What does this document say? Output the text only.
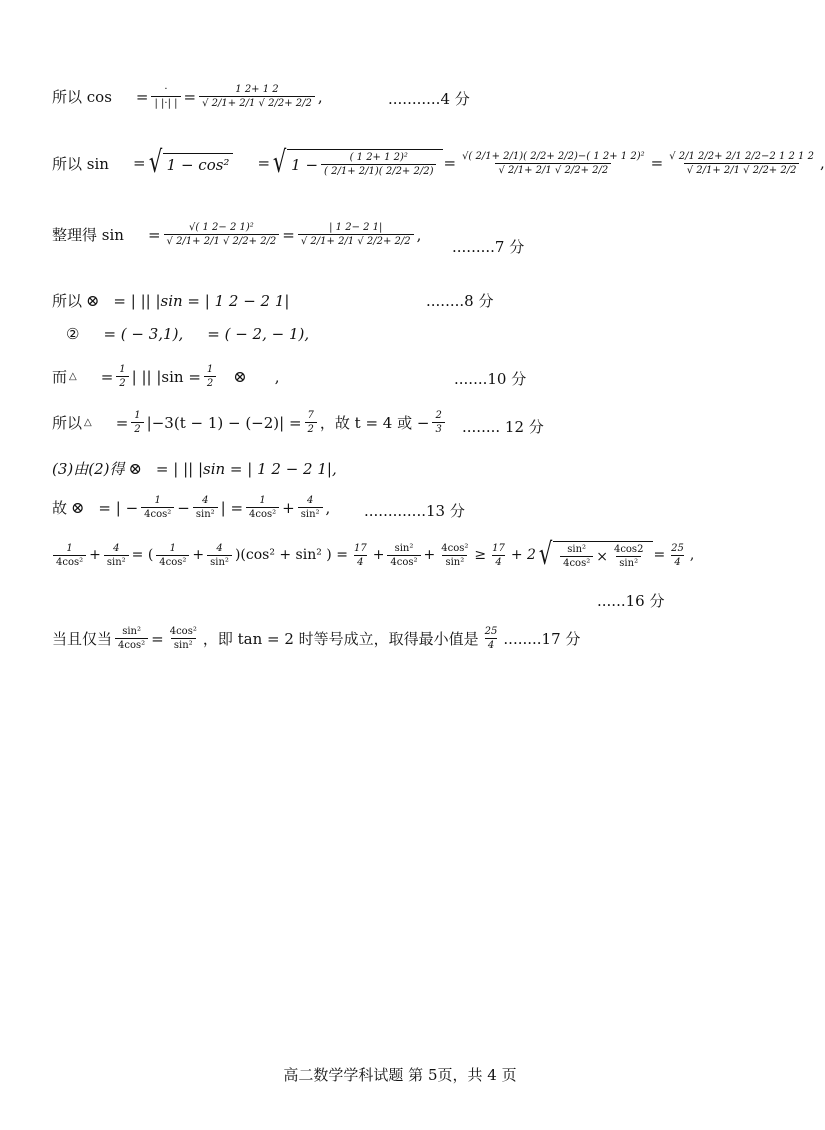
所以 $\cos = \frac{\cdot}{| |\cdot| |} = \frac{1 2+ 1 2}{√ 2/1+ 2/1 √ 2/2+ 2/2}$ ,	...........4 分
所以 sin = √ 1 − cos² = √ $1 - \frac{\text{( 1 2+ 1 2)²}}{( 2/1+ 2/1)( 2/2+ 2/2)} = \frac{\text{√( 2/1+ 2/1)( 2/2+ 2/2)−( 1 2+ 1 2)²}}{√ 2/1+ 2/1 √ 2/2+ 2/2} = \frac{√ 2/1 2/2+ 2/1 2/2-2 1 2 1 2}{√ 2/1+ 2/1 √ 2/2+ 2/2}$ ,
整理得 $\sin = \frac{\text{√( 1 2− 2 1)²}}{√ 2/1+ 2/1 √ 2/2+ 2/2} = \frac{| 1 2- 2 1|}{√ 2/1+ 2/1 √ 2/2+ 2/2}$ ,
.........7 分
所以 ⊗ = | || |sin = | 1 2 − 2 1|	........8 分
② = ( − 3,1), = ( − 2, − 1),
而 △ = $\frac{1}{2}$ | || $|\sin = \frac{1}{2}$ ⊗ ,	.......10 分
所以 △ = $\frac{1}{2} |-3(t - 1) - (-2)| = \frac{7}{2}$ ，故 t = 4 或 − $\frac{2}{3}$ ........ 12 分
(3)由(2)得 ⊗ = | || |sin = | 1 2 − 2 1|,
故 ⊗ = | − $\frac{1}{\text{4cos²}} - \frac{4}{\text{sin²}}$ | = $\frac{1}{\text{4cos²}} + \frac{4}{\text{sin²}}$ , .............13 分
$\frac{1}{\text{4cos²}} + \frac{4}{\text{sin²}}$ = ( $\frac{1}{\text{4cos²}} + \frac{4}{\text{sin²}} )(\cos^2 + \sin^2$ ) = $\frac{17}{4} + \frac{\text{sin²}}{\text{4cos²}} + \frac{\text{4cos²}}{\text{sin²}} \ge \frac{17}{4} + 2$ √ $\frac{\text{sin²}}{\text{4cos²}} \times \frac{4\cos 2}{\text{sin²}} = \frac{25}{4}$ ,
......16 分
当且仅当 $\frac{\text{sin²}}{\text{4cos²}} = \frac{\text{4cos²}}{\text{sin²}}$ ，即 tan = 2 时等号成立，取得最小值是 $\frac{25}{4} ........17$ 分
高二数学学科试题 第 5页，共 4 页
